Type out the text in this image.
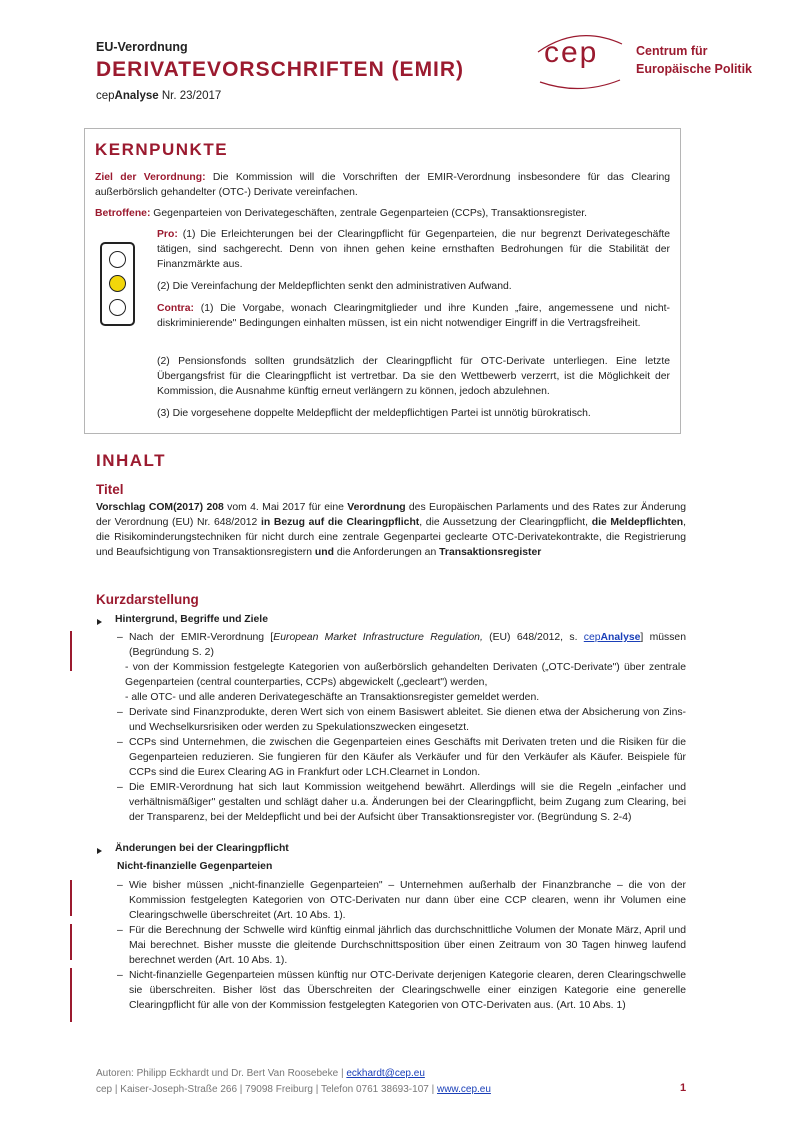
EU-Verordnung
DERIVATEVORSCHRIFTEN (EMIR)
cepAnalyse Nr. 23/2017
cep	Centrum für
Europäische Politik
KERNPUNKTE
Ziel der Verordnung: Die Kommission will die Vorschriften der EMIR-Verordnung insbesondere für das Clearing außerbörslich gehandelter (OTC-) Derivate vereinfachen.
Betroffene: Gegenparteien von Derivategeschäften, zentrale Gegenparteien (CCPs), Transaktionsregister.
Pro: (1) Die Erleichterungen bei der Clearingpflicht für Gegenparteien, die nur begrenzt Derivategeschäfte tätigen, sind sachgerecht. Denn von ihnen gehen keine ernsthaften Bedrohungen für die Stabilität der Finanzmärkte aus.
(2) Die Vereinfachung der Meldepflichten senkt den administrativen Aufwand.
Contra: (1) Die Vorgabe, wonach Clearingmitglieder und ihre Kunden „faire, angemessene und nicht-diskriminierende" Bedingungen einhalten müssen, ist ein nicht notwendiger Eingriff in die Vertragsfreiheit.
(2) Pensionsfonds sollten grundsätzlich der Clearingpflicht für OTC-Derivate unterliegen. Eine letzte Übergangsfrist für die Clearingpflicht ist vertretbar. Da sie den Wettbewerb verzerrt, ist die Möglichkeit der Kommission, die Ausnahme künftig erneut verlängern zu können, jedoch abzulehnen.
(3) Die vorgesehene doppelte Meldepflicht der meldepflichtigen Partei ist unnötig bürokratisch.
INHALT
Titel
Vorschlag COM(2017) 208 vom 4. Mai 2017 für eine Verordnung des Europäischen Parlaments und des Rates zur Änderung der Verordnung (EU) Nr. 648/2012 in Bezug auf die Clearingpflicht, die Aussetzung der Clearingpflicht, die Meldepflichten, die Risikominderungstechniken für nicht durch eine zentrale Gegenpartei geclearte OTC-Derivatekontrakte, die Registrierung und Beaufsichtigung von Transaktionsregistern und die Anforderungen an Transaktionsregister
Kurzdarstellung
Hintergrund, Begriffe und Ziele
– Nach der EMIR-Verordnung [European Market Infrastructure Regulation, (EU) 648/2012, s. cepAnalyse] müssen (Begründung S. 2)
- von der Kommission festgelegte Kategorien von außerbörslich gehandelten Derivaten („OTC-Derivate") über zentrale Gegenparteien (central counterparties, CCPs) abgewickelt („gecleart") werden,
- alle OTC- und alle anderen Derivategeschäfte an Transaktionsregister gemeldet werden.
– Derivate sind Finanzprodukte, deren Wert sich von einem Basiswert ableitet. Sie dienen etwa der Absicherung von Zins- und Wechselkursrisiken oder werden zu Spekulationszwecken eingesetzt.
– CCPs sind Unternehmen, die zwischen die Gegenparteien eines Geschäfts mit Derivaten treten und die Risiken für die Gegenparteien reduzieren. Sie fungieren für den Käufer als Verkäufer und für den Verkäufer als Käufer. Beispiele für CCPs sind die Eurex Clearing AG in Frankfurt oder LCH.Clearnet in London.
– Die EMIR-Verordnung hat sich laut Kommission weitgehend bewährt. Allerdings will sie die Regeln „einfacher und verhältnismäßiger" gestalten und schlägt daher u.a. Änderungen bei der Clearingpflicht, beim Zugang zum Clearing, bei der Transparenz, bei der Meldepflicht und bei der Aufsicht über Transaktionsregister vor. (Begründung S. 2-4)
Änderungen bei der Clearingpflicht
Nicht-finanzielle Gegenparteien
– Wie bisher müssen „nicht-finanzielle Gegenparteien" – Unternehmen außerhalb der Finanzbranche – die von der Kommission festgelegten Kategorien von OTC-Derivaten nur dann über eine CCP clearen, wenn ihr Volumen eine Clearingschwelle überschreitet (Art. 10 Abs. 1).
– Für die Berechnung der Schwelle wird künftig einmal jährlich das durchschnittliche Volumen der Monate März, April und Mai berechnet. Bisher musste die gleitende Durchschnittsposition über einen Zeitraum von 30 Tagen hinweg laufend berechnet werden (Art. 10 Abs. 1).
– Nicht-finanzielle Gegenparteien müssen künftig nur OTC-Derivate derjenigen Kategorie clearen, deren Clearingschwelle sie überschreiten. Bisher löst das Überschreiten der Clearingschwelle einer einzigen Kategorie eine generelle Clearingpflicht für alle von der Kommission festgelegten Kategorien von OTC-Derivaten aus. (Art. 10 Abs. 1)
Autoren: Philipp Eckhardt und Dr. Bert Van Roosebeke | eckhardt@cep.eu
cep | Kaiser-Joseph-Straße 266 | 79098 Freiburg | Telefon 0761 38693-107 | www.cep.eu	1
